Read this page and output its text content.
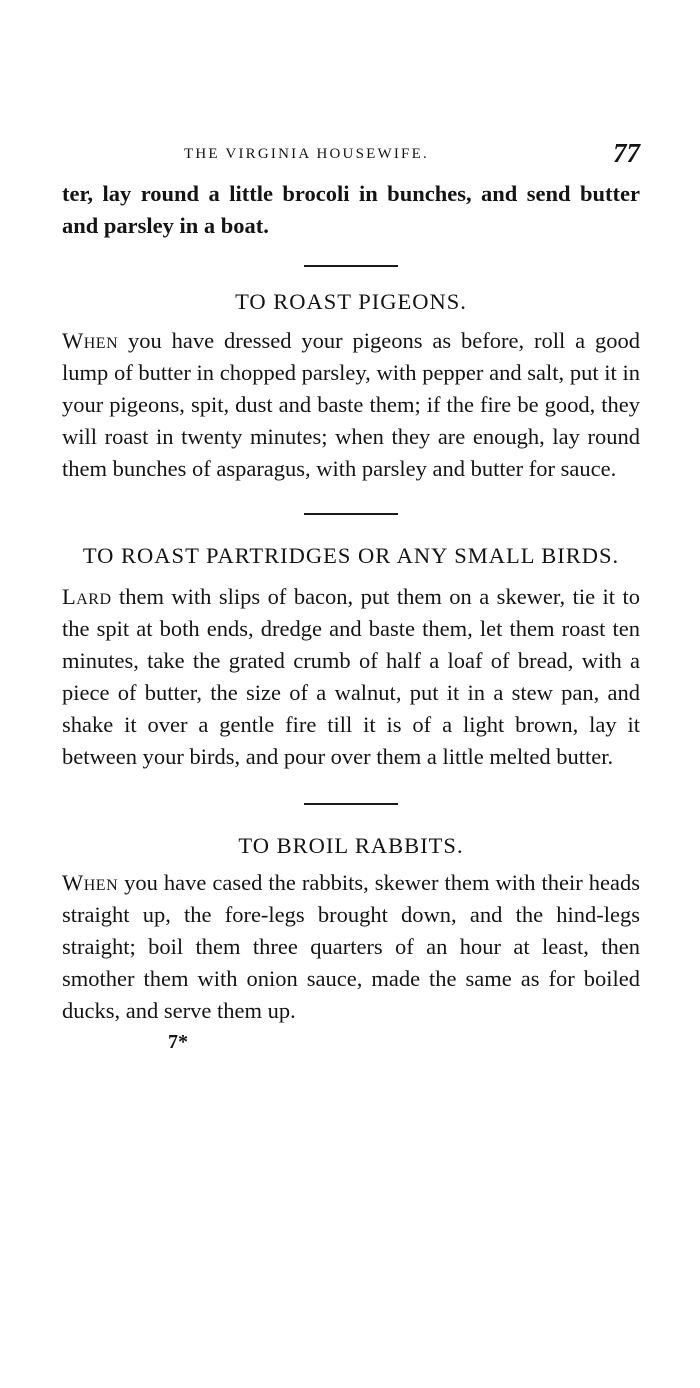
THE VIRGINIA HOUSEWIFE.	77

ter, lay round a little brocoli in bunches, and send butter and parsley in a boat.

TO ROAST PIGEONS.

When you have dressed your pigeons as before, roll a good lump of butter in chopped parsley, with pepper and salt, put it in your pigeons, spit, dust and baste them; if the fire be good, they will roast in twenty minutes; when they are enough, lay round them bunches of asparagus, with parsley and butter for sauce.

TO ROAST PARTRIDGES OR ANY SMALL BIRDS.

Lard them with slips of bacon, put them on a skewer, tie it to the spit at both ends, dredge and baste them, let them roast ten minutes, take the grated crumb of half a loaf of bread, with a piece of butter, the size of a walnut, put it in a stew pan, and shake it over a gentle fire till it is of a light brown, lay it between your birds, and pour over them a little melted butter.

TO BROIL RABBITS.

When you have cased the rabbits, skewer them with their heads straight up, the fore-legs brought down, and the hind-legs straight; boil them three quarters of an hour at least, then smother them with onion sauce, made the same as for boiled ducks, and serve them up.

7*
